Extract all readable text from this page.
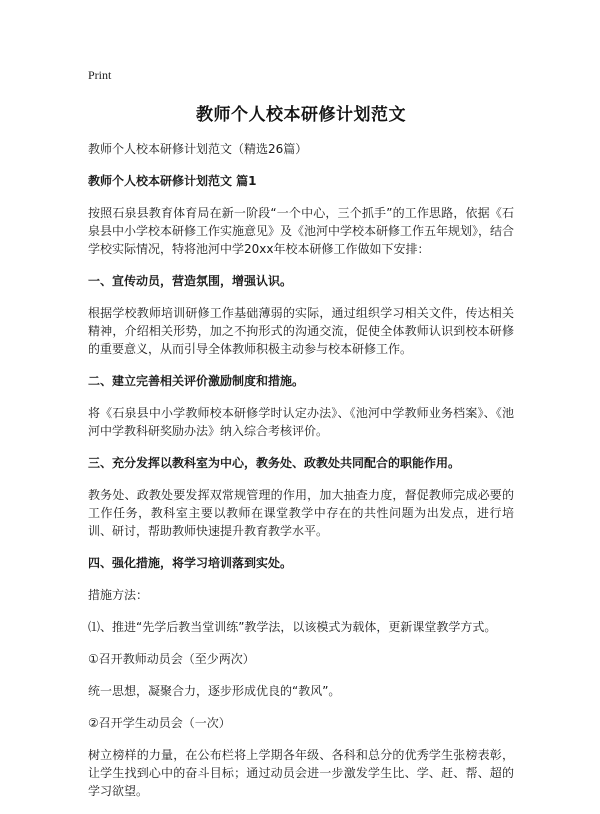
Print
教师个人校本研修计划范文

教师个人校本研修计划范文（精选26篇）

教师个人校本研修计划范文 篇1

按照石泉县教育体育局在新一阶段“一个中心，三个抓手”的工作思路，依据《石泉县中小学校本研修工作实施意见》及《池河中学校本研修工作五年规划》，结合学校实际情况，特将池河中学20xx年校本研修工作做如下安排：

一、宣传动员，营造氛围，增强认识。

根据学校教师培训研修工作基础薄弱的实际，通过组织学习相关文件，传达相关精神，介绍相关形势，加之不拘形式的沟通交流，促使全体教师认识到校本研修的重要意义，从而引导全体教师积极主动参与校本研修工作。

二、建立完善相关评价激励制度和措施。

将《石泉县中小学教师校本研修学时认定办法》、《池河中学教师业务档案》、《池河中学教科研奖励办法》纳入综合考核评价。

三、充分发挥以教科室为中心，教务处、政教处共同配合的职能作用。

教务处、政教处要发挥双常规管理的作用，加大抽查力度，督促教师完成必要的工作任务，教科室主要以教师在课堂教学中存在的共性问题为出发点，进行培训、研讨，帮助教师快速提升教育教学水平。

四、强化措施，将学习培训落到实处。

措施方法：

⑴、推进“先学后教当堂训练”教学法，以该模式为载体，更新课堂教学方式。

①召开教师动员会（至少两次）

统一思想，凝聚合力，逐步形成优良的“教风”。

②召开学生动员会（一次）

树立榜样的力量，在公布栏将上学期各年级、各科和总分的优秀学生张榜表彰，让学生找到心中的奋斗目标；通过动员会进一步激发学生比、学、赶、帮、超的学习欲望。
